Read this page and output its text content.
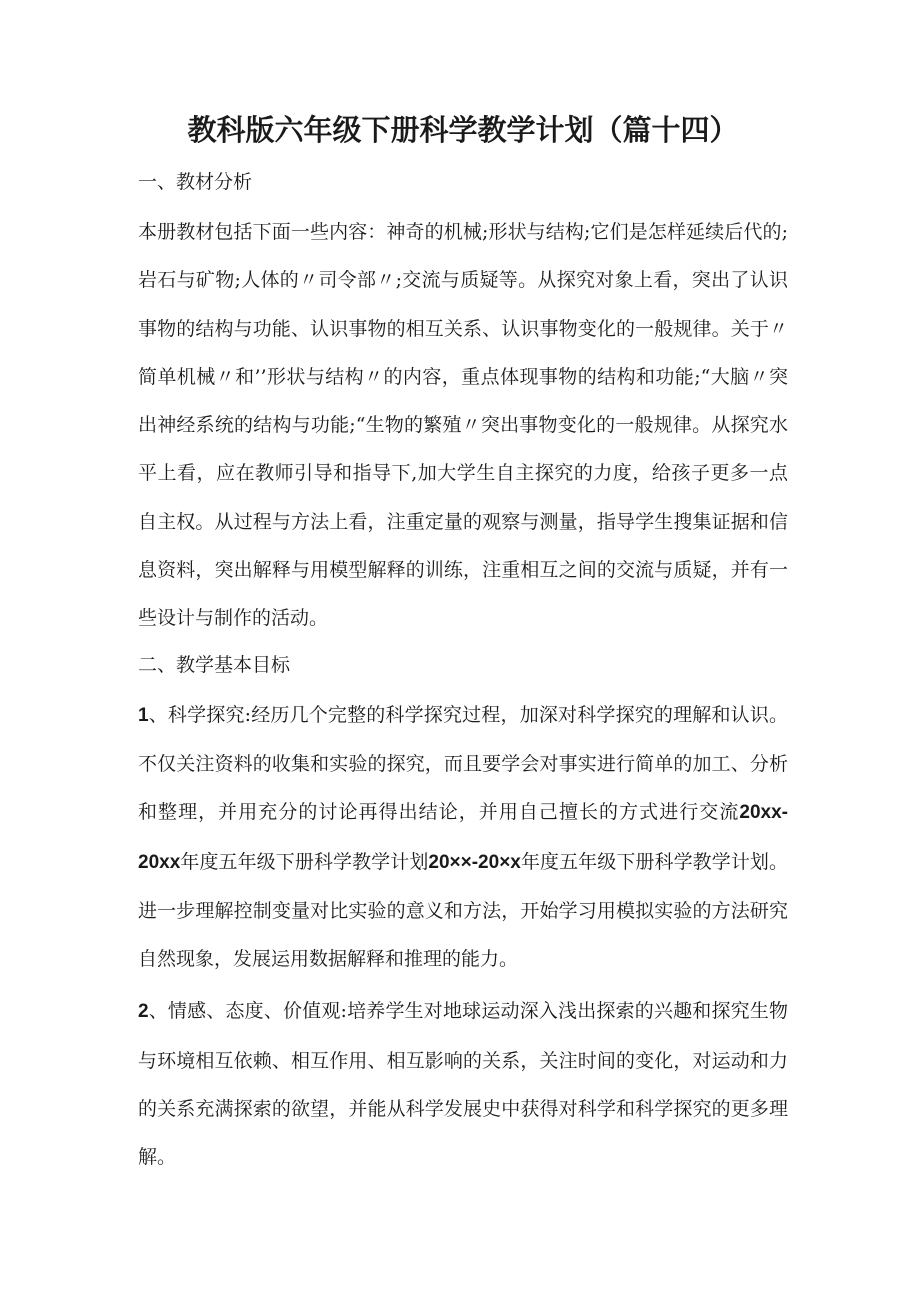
教科版六年级下册科学教学计划（篇十四）
一、教材分析

本册教材包括下面一些内容：神奇的机械;形状与结构;它们是怎样延续后代的;岩石与矿物;人体的〃司令部〃;交流与质疑等。从探究对象上看，突出了认识事物的结构与功能、认识事物的相互关系、认识事物变化的一般规律。关于〃简单机械〃和’’形状与结构〃的内容，重点体现事物的结构和功能;“大脑〃突出神经系统的结构与功能;“生物的繁殖〃突出事物变化的一般规律。从探究水平上看，应在教师引导和指导下,加大学生自主探究的力度，给孩子更多一点自主权。从过程与方法上看，注重定量的观察与测量，指导学生搜集证据和信息资料，突出解释与用模型解释的训练，注重相互之间的交流与质疑，并有一些设计与制作的活动。

二、教学基本目标

1、科学探究:经历几个完整的科学探究过程，加深对科学探究的理解和认识。不仅关注资料的收集和实验的探究，而且要学会对事实进行简单的加工、分析和整理，并用充分的讨论再得出结论，并用自己擅长的方式进行交流20xx-20xx年度五年级下册科学教学计划20××-20×x年度五年级下册科学教学计划。进一步理解控制变量对比实验的意义和方法，开始学习用模拟实验的方法研究自然现象，发展运用数据解释和推理的能力。

2、情感、态度、价值观:培养学生对地球运动深入浅出探索的兴趣和探究生物与环境相互依赖、相互作用、相互影响的关系，关注时间的变化，对运动和力的关系充满探索的欲望，并能从科学发展史中获得对科学和科学探究的更多理解。
